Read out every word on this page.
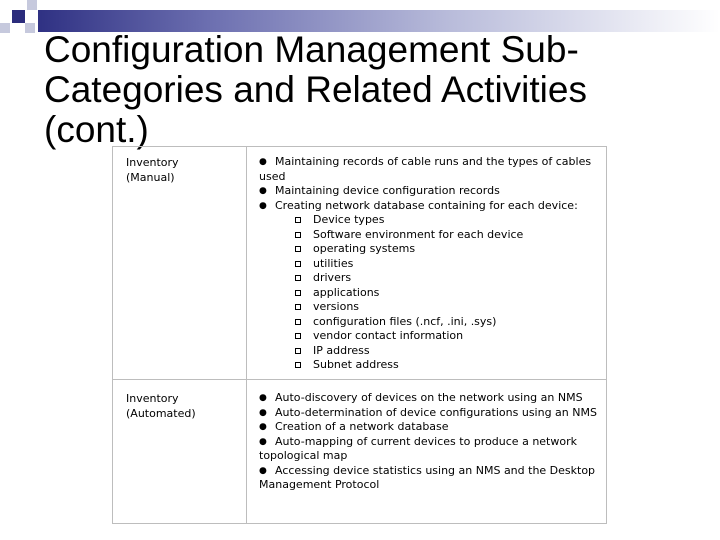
Configuration Management Sub-Categories and Related Activities (cont.)
Inventory
(Manual)
● Maintaining records of cable runs and the types of cables
used
● Maintaining device configuration records
● Creating network database containing for each device:
Device types
Software environment for each device
operating systems
utilities
drivers
applications
versions
configuration files (.ncf, .ini, .sys)
vendor contact information
IP address
Subnet address
Inventory
(Automated)
● Auto-discovery of devices on the network using an NMS
● Auto-determination of device configurations using an NMS
● Creation of a network database
● Auto-mapping of current devices to produce a network
topological map
● Accessing device statistics using an NMS and the Desktop
Management Protocol
